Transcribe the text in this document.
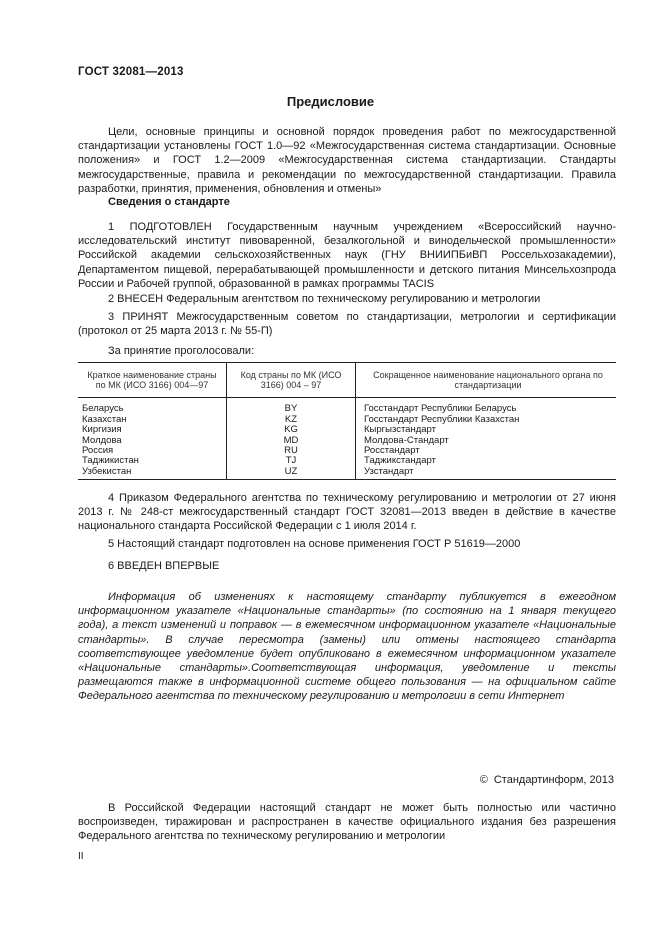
ГОСТ 32081—2013
Предисловие
Цели, основные принципы и основной порядок проведения работ по межгосударственной стандартизации установлены ГОСТ 1.0—92 «Межгосударственная система стандартизации. Основные положения» и ГОСТ 1.2—2009 «Межгосударственная система стандартизации. Стандарты межгосударственные, правила и рекомендации по межгосударственной стандартизации. Правила разработки, принятия, применения, обновления и отмены»
Сведения о стандарте
1 ПОДГОТОВЛЕН Государственным научным учреждением «Всероссийский научно-исследовательский институт пивоваренной, безалкогольной и винодельческой промышленности» Российской академии сельскохозяйственных наук (ГНУ ВНИИПБиВП Россельхозакадемии), Департаментом пищевой, перерабатывающей промышленности и детского питания Минсельхозпрода России и Рабочей группой, образованной в рамках программы TACIS
2 ВНЕСЕН Федеральным агентством по техническому регулированию и метрологии
3 ПРИНЯТ Межгосударственным советом по стандартизации, метрологии и сертификации (протокол от 25 марта 2013 г. № 55-П)
За принятие проголосовали:
Краткое наименование страны по МК (ИСО 3166) 004—97	Код страны по МК (ИСО 3166) 004 – 97	Сокращенное наименование национального органа по стандартизации
Беларусь	BY	Госстандарт Республики Беларусь
Казахстан	KZ	Госстандарт Республики Казахстан
Киргизия	KG	Кыргызстандарт
Молдова	MD	Молдова-Стандарт
Россия	RU	Росстандарт
Таджикистан	TJ	Таджикстандарт
Узбекистан	UZ	Узстандарт
4 Приказом Федерального агентства по техническому регулированию и метрологии от 27 июня 2013 г. № 248-ст межгосударственный стандарт ГОСТ 32081—2013 введен в действие в качестве национального стандарта Российской Федерации с 1 июля 2014 г.
5 Настоящий стандарт подготовлен на основе применения ГОСТ Р 51619—2000
6 ВВЕДЕН ВПЕРВЫЕ
Информация об изменениях к настоящему стандарту публикуется в ежегодном информационном указателе «Национальные стандарты» (по состоянию на 1 января текущего года), а текст изменений и поправок — в ежемесячном информационном указателе «Национальные стандарты». В случае пересмотра (замены) или отмены настоящего стандарта соответствующее уведомление будет опубликовано в ежемесячном информационном указателе «Национальные стандарты».Соответствующая информация, уведомление и тексты размещаются также в информационной системе общего пользования — на официальном сайте Федерального агентства по техническому регулированию и метрологии в сети Интернет
© Стандартинформ, 2013
В Российской Федерации настоящий стандарт не может быть полностью или частично воспроизведен, тиражирован и распространен в качестве официального издания без разрешения Федерального агентства по техническому регулированию и метрологии
II
